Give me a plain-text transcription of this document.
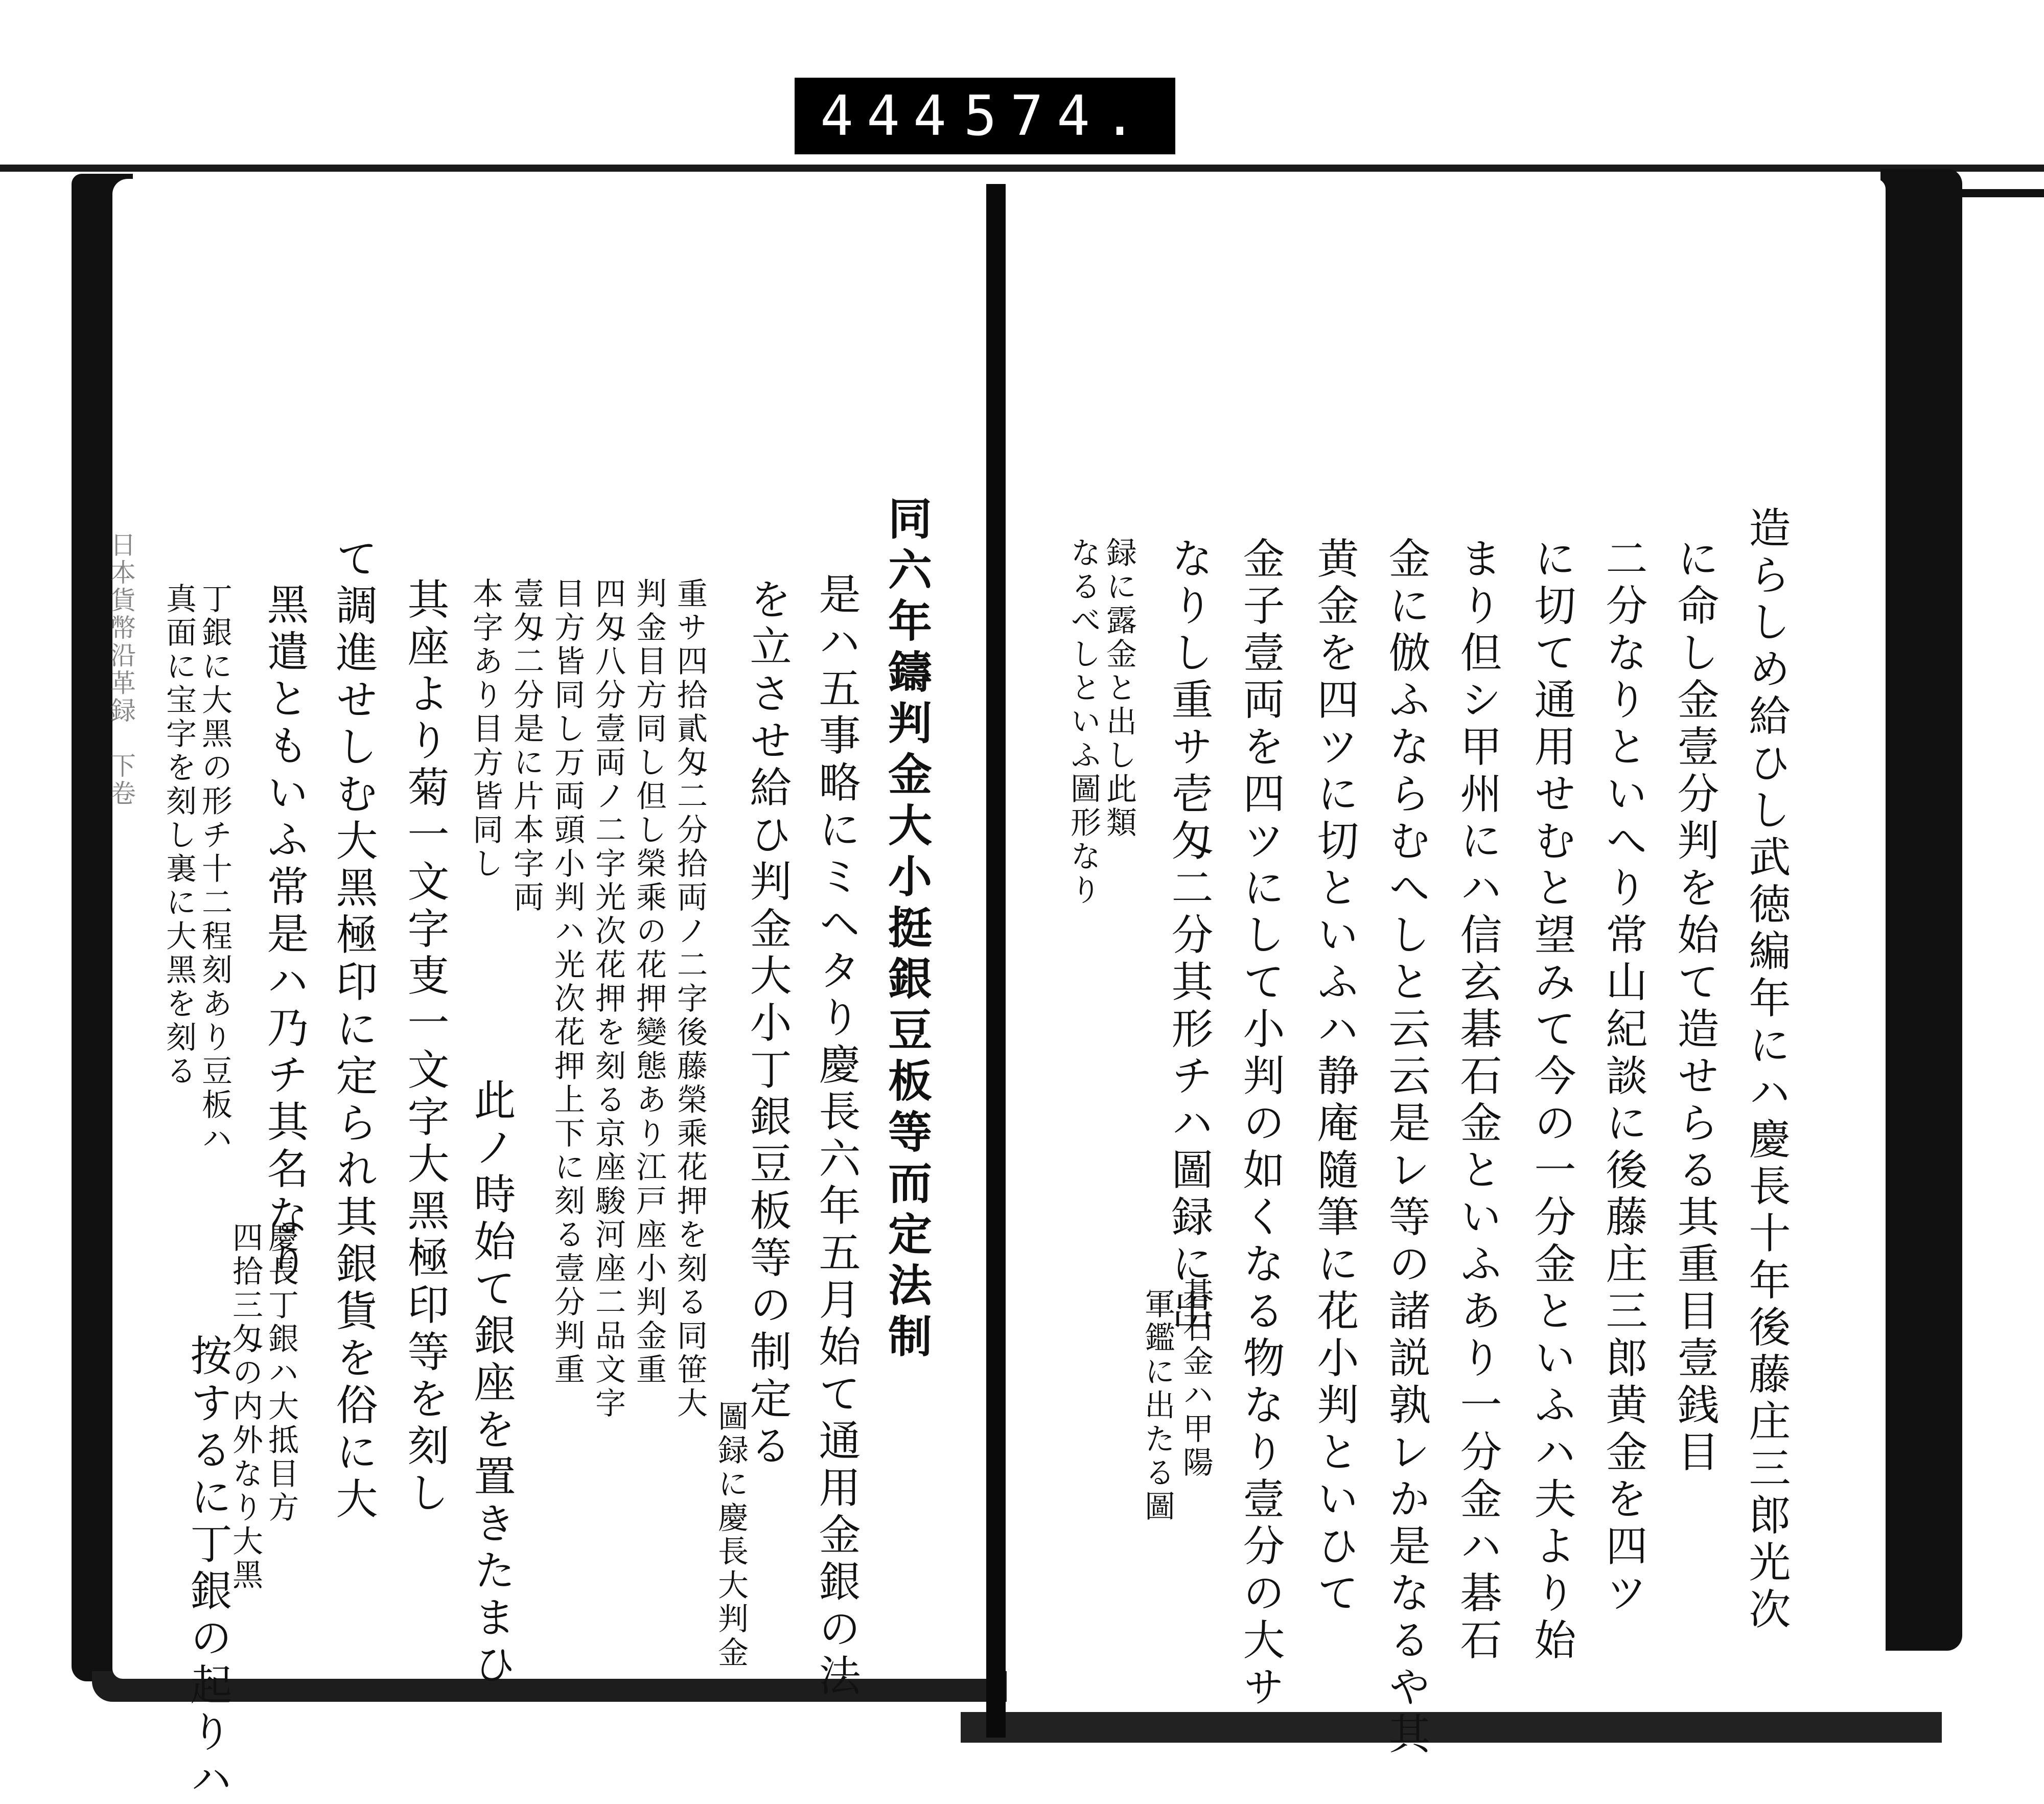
444 574.
日本貨幣沿革録　下卷	同六年鑄判金大小挺銀豆板等而定法制
是ハ五事略にミヘタり慶長六年五月始て通用金銀の法
を立させ給ひ判金大小丁銀豆板等の制定る
圖録に慶長大判金
重サ四拾貳匁二分拾両ノ二字後藤榮乘花押を刻る同笹大
判金目方同し但し榮乘の花押變態あり江戸座小判金重
四匁八分壹両ノ二字光次花押を刻る京座駿河座二品文字
目方皆同し万両頭小判ハ光次花押上下に刻る壹分判重
壹匁二分是に片本字両
本字あり目方皆同し
此ノ時始て銀座を置きたまひ
其座より菊一文字叓一文字大黑極印等を刻し
て調進せしむ大黑極印に定られ其銀貨を俗に大
黑遣ともいふ常是ハ乃チ其名なり
慶長丁銀ハ大抵目方
四拾三匁の内外なり大黑
丁銀に大黑の形チ十二程刻あり豆板ハ
真面に宝字を刻し裏に大黑を刻る
按するに丁銀の起りハ	造らしめ給ひし武徳編年にハ慶長十年後藤庄三郎光次
に命し金壹分判を始て造せらる其重目壹銭目
二分なりといへり常山紀談に後藤庄三郎黄金を四ツ
に切て通用せむと望みて今の一分金といふハ夫より始
まり但シ甲州にハ信玄碁石金といふあり一分金ハ碁石
金に倣ふならむへしと云云是レ等の諸説孰レか是なるや其
黄金を四ツに切といふハ静庵隨筆に花小判といひて
金子壹両を四ツにして小判の如くなる物なり壹分の大サ
なりし重サ壱匁二分其形チハ圖録に出
碁石金ハ甲陽
軍鑑に出たる圖
録に露金と出し此類
なるべしといふ圖形なり
